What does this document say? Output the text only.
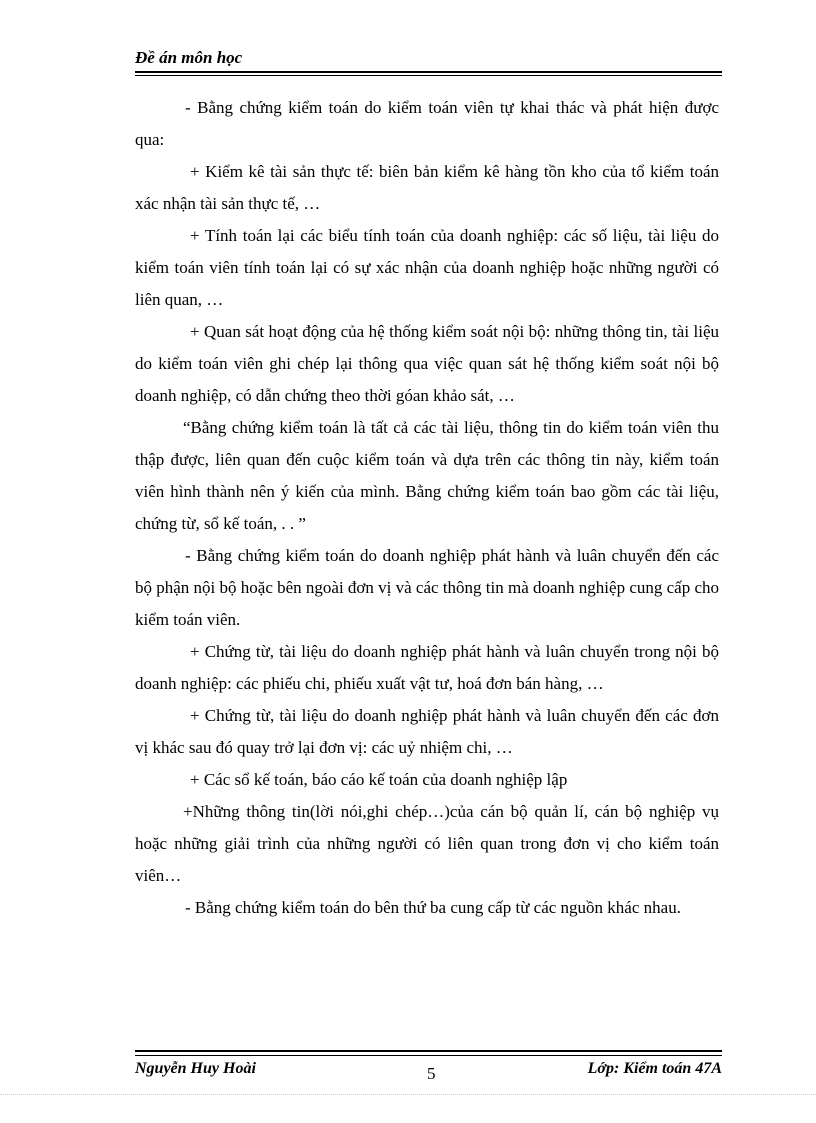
Đề án môn học

- Bằng chứng kiểm toán do kiểm toán viên tự khai thác và phát hiện được qua:

+ Kiểm kê tài sản thực tế: biên bản kiểm kê hàng tồn kho của tổ kiểm toán xác nhận tài sản thực tế, …

+ Tính toán lại các biểu tính toán của doanh nghiệp: các số liệu, tài liệu do kiểm toán viên tính toán lại có sự xác nhận của doanh nghiệp hoặc những người có liên quan, …

+ Quan sát hoạt động của hệ thống kiểm soát nội bộ: những thông tin, tài liệu do kiểm toán viên ghi chép lại thông qua việc quan sát hệ thống kiểm soát nội bộ doanh nghiệp, có dẫn chứng theo thời góan khảo sát, …

“Bằng chứng kiểm toán là tất cả các tài liệu, thông tin do kiểm toán viên thu thập được, liên quan đến cuộc kiểm toán và dựa trên các thông tin này, kiểm toán viên hình thành nên ý kiến của mình. Bằng chứng kiểm toán bao gồm các tài liệu, chứng từ, sổ kế toán, . . ”

- Bằng chứng kiểm toán do doanh nghiệp phát hành và luân chuyển đến các bộ phận nội bộ hoặc bên ngoài đơn vị và các thông tin mà doanh nghiệp cung cấp cho kiểm toán viên.

+ Chứng từ, tài liệu do doanh nghiệp phát hành và luân chuyển trong nội bộ doanh nghiệp: các phiếu chi, phiếu xuất vật tư, hoá đơn bán hàng, …

+ Chứng từ, tài liệu do doanh nghiệp phát hành và luân chuyển đến các đơn vị khác sau đó quay trở lại đơn vị: các uỷ nhiệm chi, …

+ Các sổ kế toán, báo cáo kế toán của doanh nghiệp lập

+Những thông tin(lời nói,ghi chép…)của cán bộ quản lí, cán bộ nghiệp vụ hoặc những giải trình của những người có liên quan trong đơn vị cho kiểm toán viên…

- Bằng chứng kiểm toán do bên thứ ba cung cấp từ các nguồn khác nhau.

Nguyễn Huy Hoài	5	Lớp: Kiểm toán 47A
